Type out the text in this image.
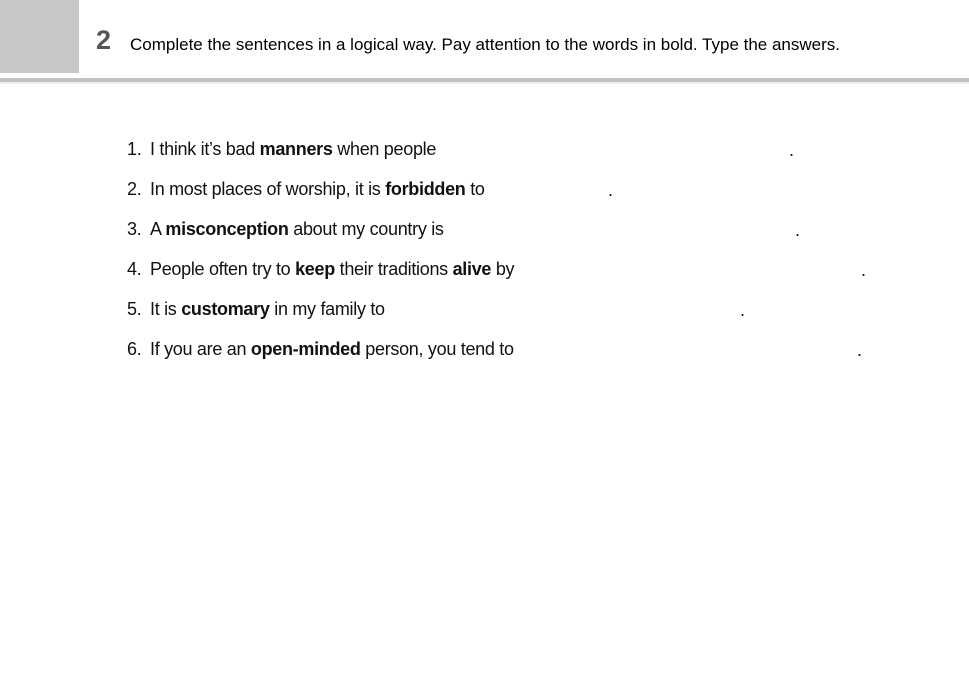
2 Complete the sentences in a logical way. Pay attention to the words in bold. Type the answers.
1. I think it’s bad manners when people	.
2. In most places of worship, it is forbidden to	.
3. A misconception about my country is	.
4. People often try to keep their traditions alive by	.
5. It is customary in my family to	.
6. If you are an open-minded person, you tend to	.
